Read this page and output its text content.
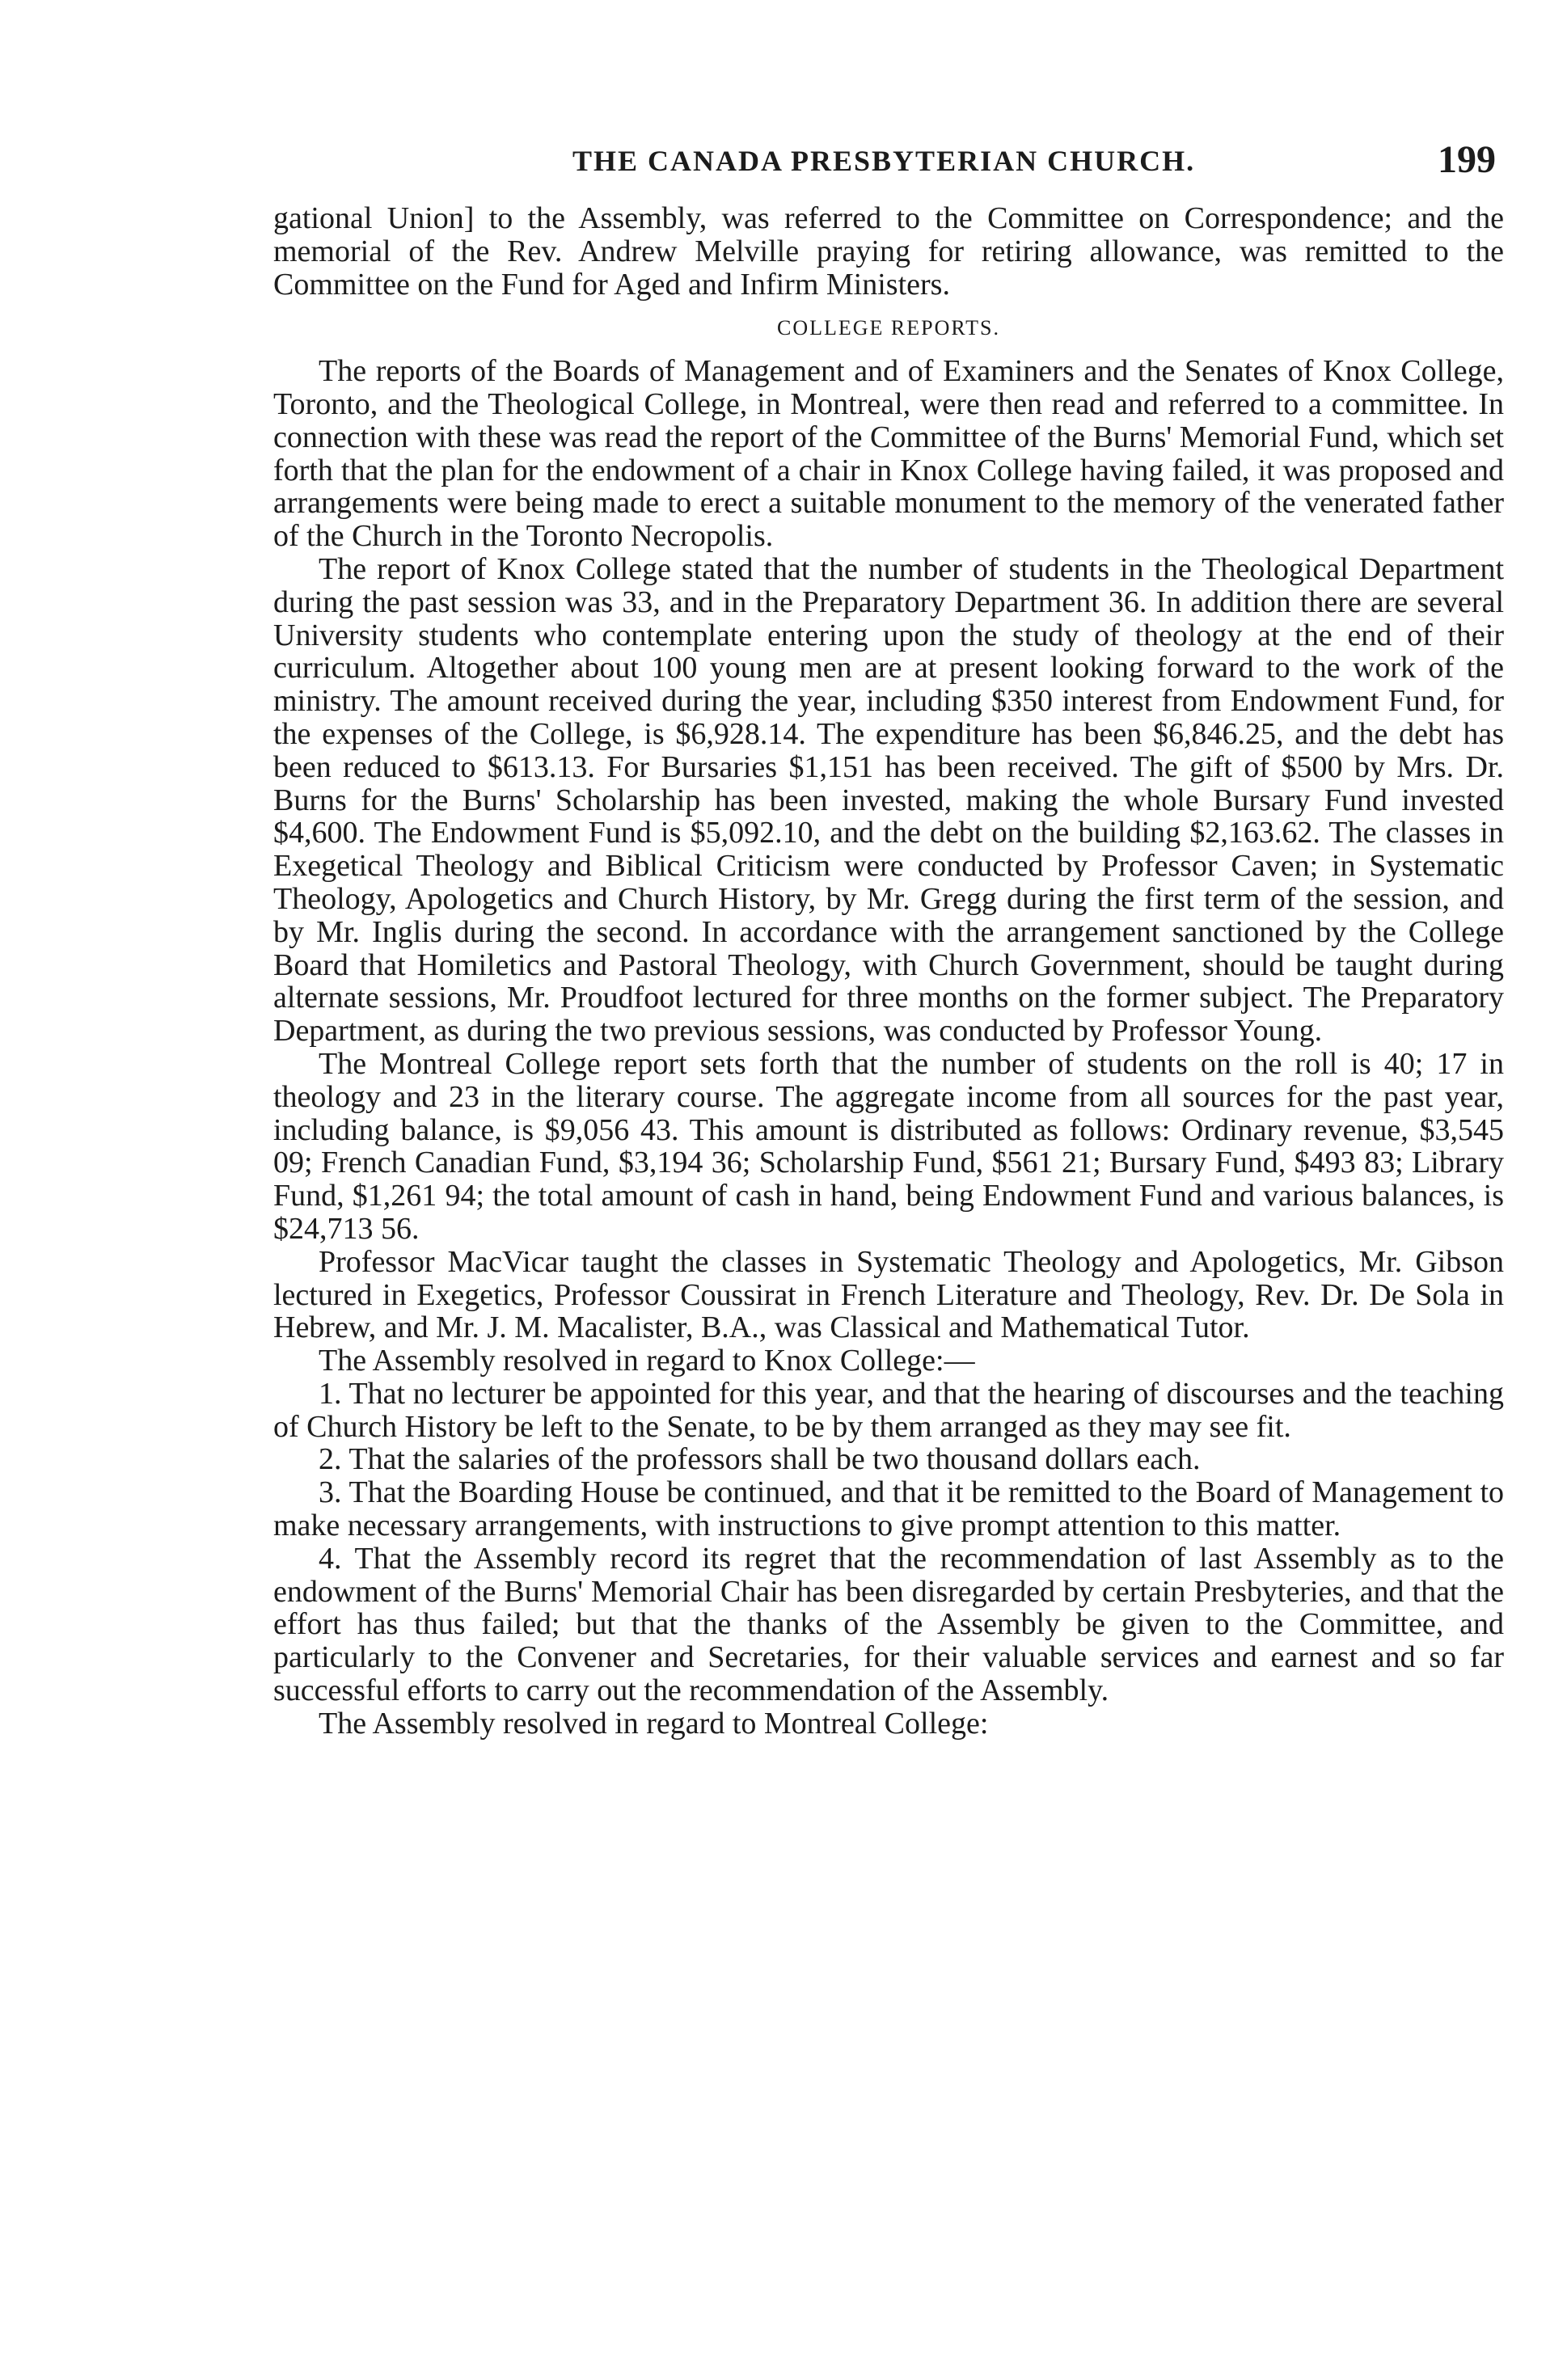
THE CANADA PRESBYTERIAN CHURCH.	199

gational Union] to the Assembly, was referred to the Committee on Correspondence; and the memorial of the Rev. Andrew Melville praying for retiring allowance, was remitted to the Committee on the Fund for Aged and Infirm Ministers.

COLLEGE REPORTS.

The reports of the Boards of Management and of Examiners and the Senates of Knox College, Toronto, and the Theological College, in Montreal, were then read and referred to a committee. In connection with these was read the report of the Committee of the Burns' Memorial Fund, which set forth that the plan for the endowment of a chair in Knox College having failed, it was proposed and arrangements were being made to erect a suitable monument to the memory of the venerated father of the Church in the Toronto Necropolis.

The report of Knox College stated that the number of students in the Theological Department during the past session was 33, and in the Preparatory Department 36. In addition there are several University students who contemplate entering upon the study of theology at the end of their curriculum. Altogether about 100 young men are at present looking forward to the work of the ministry. The amount received during the year, including $350 interest from Endowment Fund, for the expenses of the College, is $6,928.14. The expenditure has been $6,846.25, and the debt has been reduced to $613.13. For Bursaries $1,151 has been received. The gift of $500 by Mrs. Dr. Burns for the Burns' Scholarship has been invested, making the whole Bursary Fund invested $4,600. The Endowment Fund is $5,092.10, and the debt on the building $2,163.62. The classes in Exegetical Theology and Biblical Criticism were conducted by Professor Caven; in Systematic Theology, Apologetics and Church History, by Mr. Gregg during the first term of the session, and by Mr. Inglis during the second. In accordance with the arrangement sanctioned by the College Board that Homiletics and Pastoral Theology, with Church Government, should be taught during alternate sessions, Mr. Proudfoot lectured for three months on the former subject. The Preparatory Department, as during the two previous sessions, was conducted by Professor Young.

The Montreal College report sets forth that the number of students on the roll is 40; 17 in theology and 23 in the literary course. The aggregate income from all sources for the past year, including balance, is $9,056 43. This amount is distributed as follows: Ordinary revenue, $3,545 09; French Canadian Fund, $3,194 36; Scholarship Fund, $561 21; Bursary Fund, $493 83; Library Fund, $1,261 94; the total amount of cash in hand, being Endowment Fund and various balances, is $24,713 56.

Professor MacVicar taught the classes in Systematic Theology and Apologetics, Mr. Gibson lectured in Exegetics, Professor Coussirat in French Literature and Theology, Rev. Dr. De Sola in Hebrew, and Mr. J. M. Macalister, B.A., was Classical and Mathematical Tutor.

The Assembly resolved in regard to Knox College:—

1. That no lecturer be appointed for this year, and that the hearing of discourses and the teaching of Church History be left to the Senate, to be by them arranged as they may see fit.

2. That the salaries of the professors shall be two thousand dollars each.

3. That the Boarding House be continued, and that it be remitted to the Board of Management to make necessary arrangements, with instructions to give prompt attention to this matter.

4. That the Assembly record its regret that the recommendation of last Assembly as to the endowment of the Burns' Memorial Chair has been disregarded by certain Presbyteries, and that the effort has thus failed; but that the thanks of the Assembly be given to the Committee, and particularly to the Convener and Secretaries, for their valuable services and earnest and so far successful efforts to carry out the recommendation of the Assembly.

The Assembly resolved in regard to Montreal College:
